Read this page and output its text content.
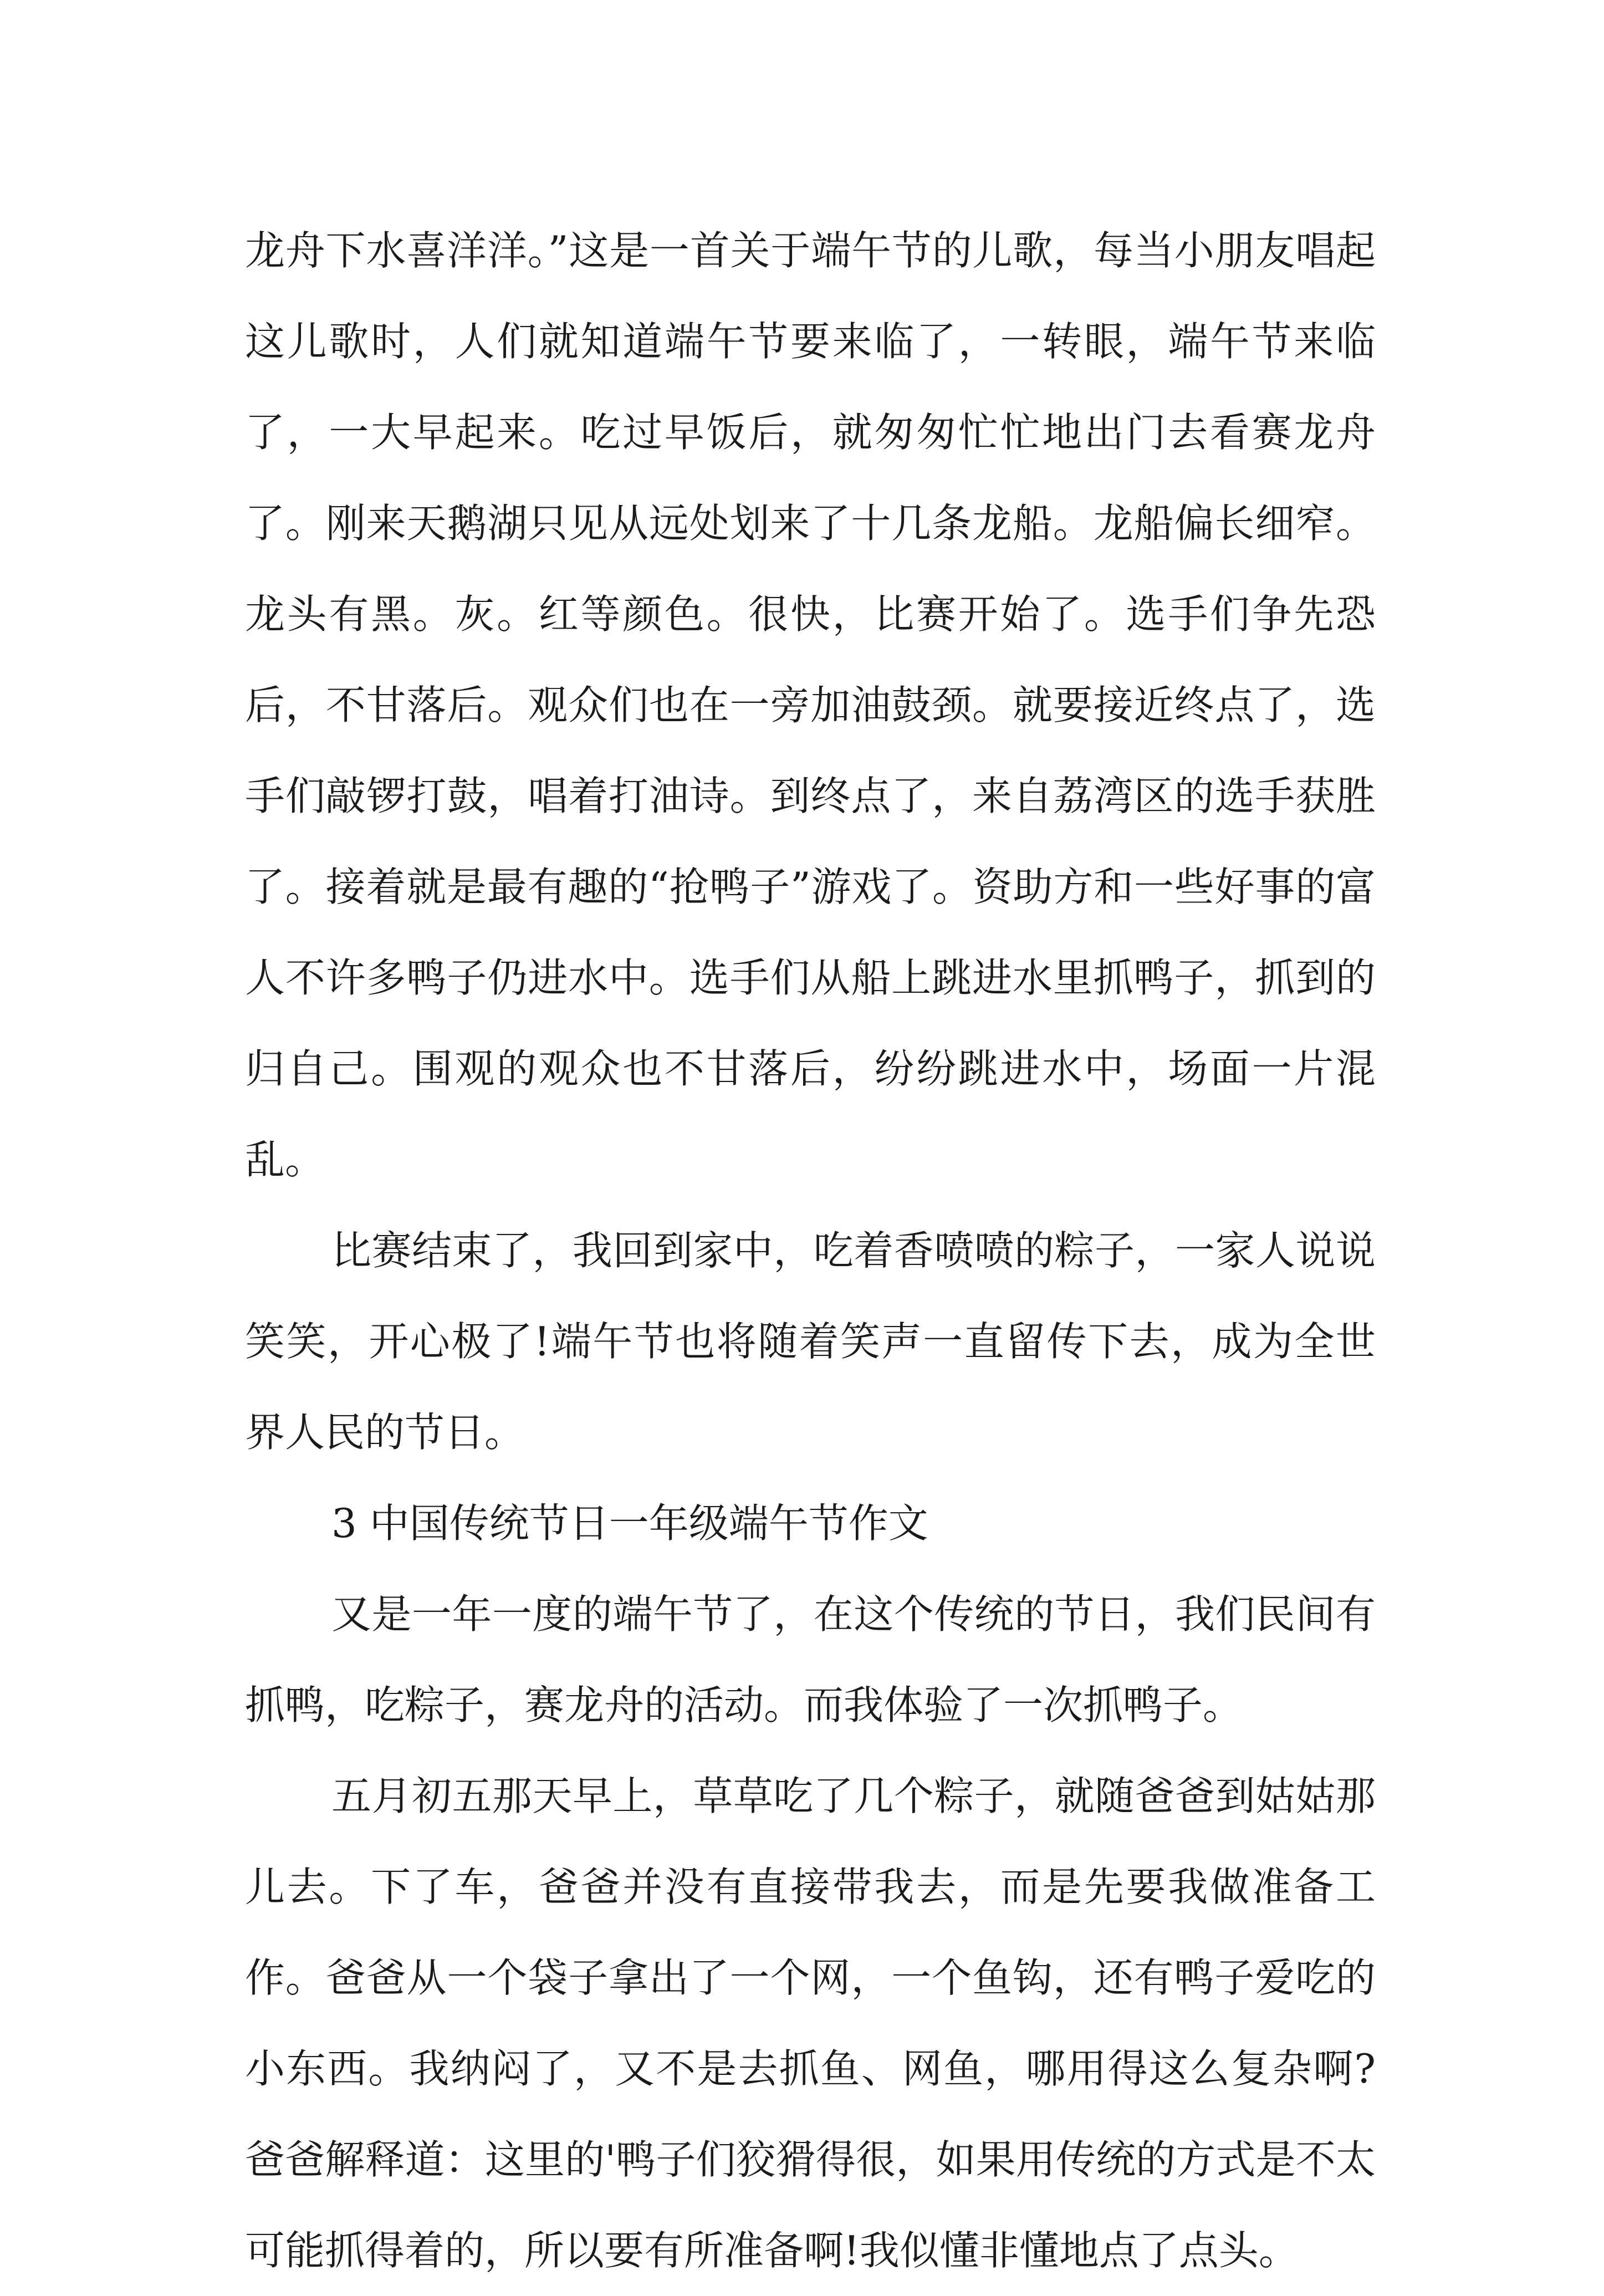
龙舟下水喜洋洋。”这是一首关于端午节的儿歌，每当小朋友唱起这儿歌时，人们就知道端午节要来临了，一转眼，端午节来临了，一大早起来。吃过早饭后，就匆匆忙忙地出门去看赛龙舟了。刚来天鹅湖只见从远处划来了十几条龙船。龙船偏长细窄。龙头有黑。灰。红等颜色。很快，比赛开始了。选手们争先恐后，不甘落后。观众们也在一旁加油鼓颈。就要接近终点了，选手们敲锣打鼓，唱着打油诗。到终点了，来自荔湾区的选手获胜了。接着就是最有趣的“抢鸭子”游戏了。资助方和一些好事的富人不许多鸭子仍进水中。选手们从船上跳进水里抓鸭子，抓到的归自己。围观的观众也不甘落后，纷纷跳进水中，场面一片混乱。

比赛结束了，我回到家中，吃着香喷喷的粽子，一家人说说笑笑，开心极了!端午节也将随着笑声一直留传下去，成为全世界人民的节日。

3 中国传统节日一年级端午节作文

又是一年一度的端午节了，在这个传统的节日，我们民间有抓鸭，吃粽子，赛龙舟的活动。而我体验了一次抓鸭子。

五月初五那天早上，草草吃了几个粽子，就随爸爸到姑姑那儿去。下了车，爸爸并没有直接带我去，而是先要我做准备工作。爸爸从一个袋子拿出了一个网，一个鱼钩，还有鸭子爱吃的小东西。我纳闷了，又不是去抓鱼、网鱼，哪用得这么复杂啊?爸爸解释道：这里的'鸭子们狡猾得很，如果用传统的方式是不太可能抓得着的，所以要有所准备啊!我似懂非懂地点了点头。
